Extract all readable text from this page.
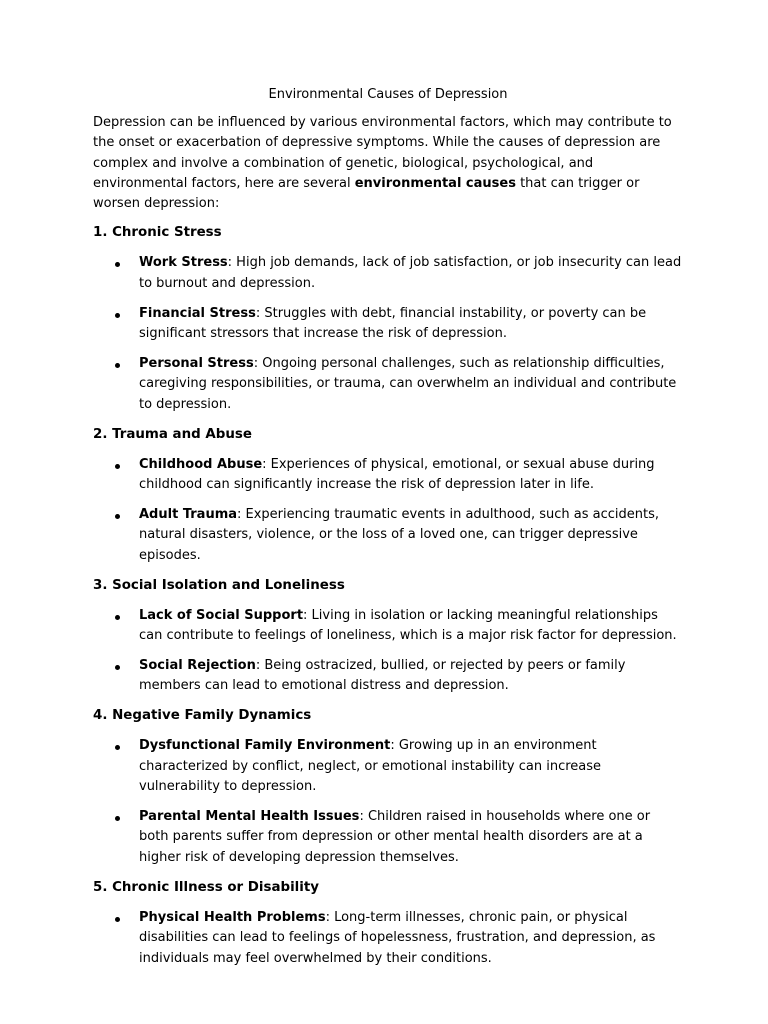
Environmental Causes of Depression

Depression can be influenced by various environmental factors, which may contribute to the onset or exacerbation of depressive symptoms. While the causes of depression are complex and involve a combination of genetic, biological, psychological, and environmental factors, here are several environmental causes that can trigger or worsen depression:

1. Chronic Stress
Work Stress: High job demands, lack of job satisfaction, or job insecurity can lead to burnout and depression.
Financial Stress: Struggles with debt, financial instability, or poverty can be significant stressors that increase the risk of depression.
Personal Stress: Ongoing personal challenges, such as relationship difficulties, caregiving responsibilities, or trauma, can overwhelm an individual and contribute to depression.
2. Trauma and Abuse
Childhood Abuse: Experiences of physical, emotional, or sexual abuse during childhood can significantly increase the risk of depression later in life.
Adult Trauma: Experiencing traumatic events in adulthood, such as accidents, natural disasters, violence, or the loss of a loved one, can trigger depressive episodes.
3. Social Isolation and Loneliness
Lack of Social Support: Living in isolation or lacking meaningful relationships can contribute to feelings of loneliness, which is a major risk factor for depression.
Social Rejection: Being ostracized, bullied, or rejected by peers or family members can lead to emotional distress and depression.
4. Negative Family Dynamics
Dysfunctional Family Environment: Growing up in an environment characterized by conflict, neglect, or emotional instability can increase vulnerability to depression.
Parental Mental Health Issues: Children raised in households where one or both parents suffer from depression or other mental health disorders are at a higher risk of developing depression themselves.
5. Chronic Illness or Disability
Physical Health Problems: Long-term illnesses, chronic pain, or physical disabilities can lead to feelings of hopelessness, frustration, and depression, as individuals may feel overwhelmed by their conditions.
